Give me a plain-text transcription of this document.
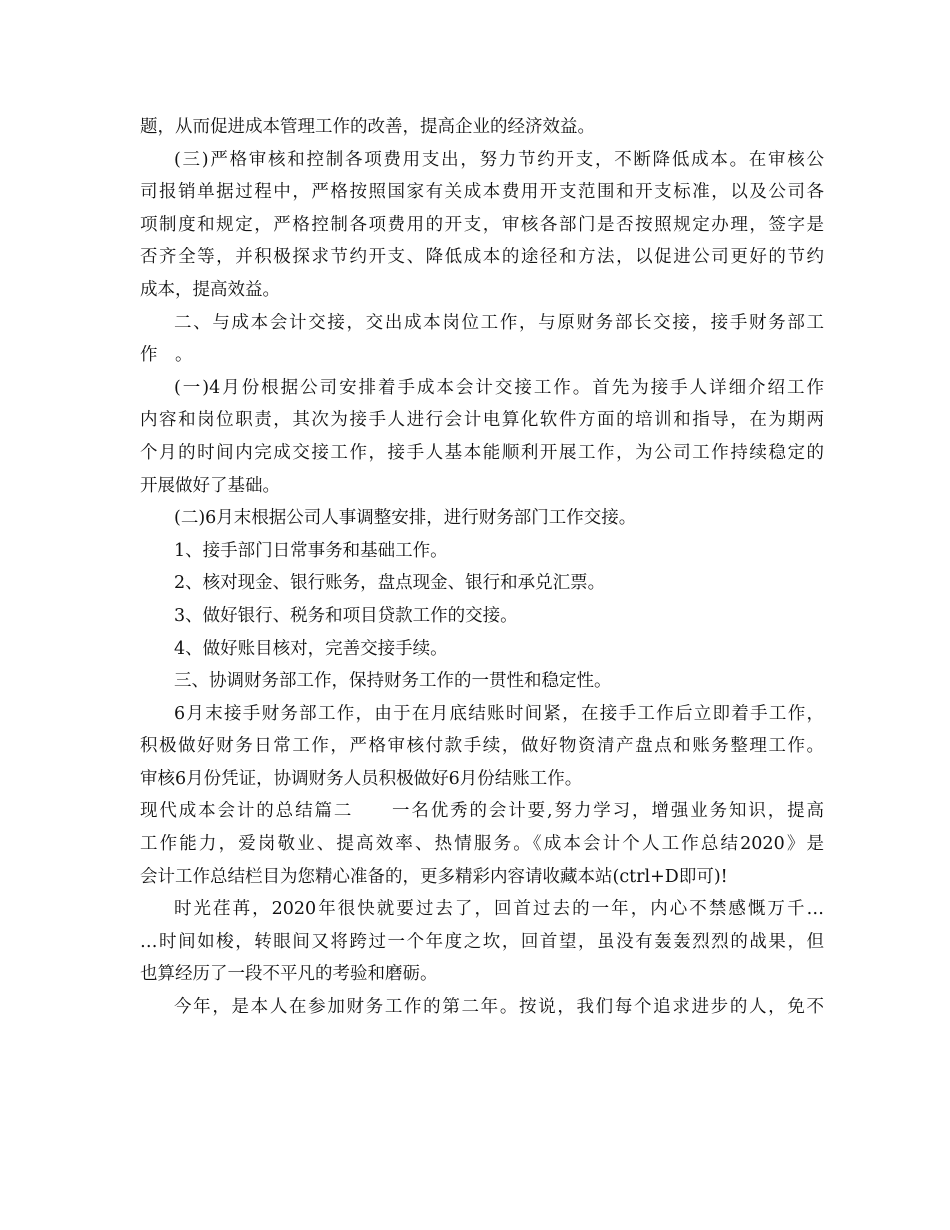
题，从而促进成本管理工作的改善，提高企业的经济效益。
(三)严格审核和控制各项费用支出，努力节约开支，不断降低成本。在审核公
司报销单据过程中，严格按照国家有关成本费用开支范围和开支标准，以及公司各
项制度和规定，严格控制各项费用的开支，审核各部门是否按照规定办理，签字是
否齐全等，并积极探求节约开支、降低成本的途径和方法，以促进公司更好的节约
成本，提高效益。
二、与成本会计交接，交出成本岗位工作，与原财务部长交接，接手财务部工
作　。
(一)4月份根据公司安排着手成本会计交接工作。首先为接手人详细介绍工作
内容和岗位职责，其次为接手人进行会计电算化软件方面的培训和指导，在为期两
个月的时间内完成交接工作，接手人基本能顺利开展工作，为公司工作持续稳定的
开展做好了基础。
(二)6月末根据公司人事调整安排，进行财务部门工作交接。
1、接手部门日常事务和基础工作。
2、核对现金、银行账务，盘点现金、银行和承兑汇票。
3、做好银行、税务和项目贷款工作的交接。
4、做好账目核对，完善交接手续。
三、协调财务部工作，保持财务工作的一贯性和稳定性。
6月末接手财务部工作，由于在月底结账时间紧，在接手工作后立即着手工作，
积极做好财务日常工作，严格审核付款手续，做好物资清产盘点和账务整理工作。
审核6月份凭证，协调财务人员积极做好6月份结账工作。
现代成本会计的总结篇二　　一名优秀的会计要,努力学习，增强业务知识，提高
工作能力，爱岗敬业、提高效率、热情服务。《成本会计个人工作总结2020》是
会计工作总结栏目为您精心准备的，更多精彩内容请收藏本站(ctrl+D即可)!
时光荏苒，2020年很快就要过去了，回首过去的一年，内心不禁感慨万千…
…时间如梭，转眼间又将跨过一个年度之坎，回首望，虽没有轰轰烈烈的战果，但
也算经历了一段不平凡的考验和磨砺。
今年，是本人在参加财务工作的第二年。按说，我们每个追求进步的人，免不
